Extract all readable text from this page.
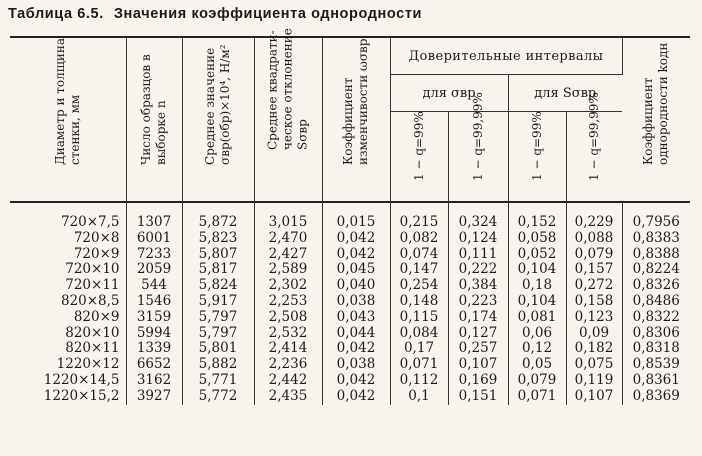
Таблица 6.5. Значения коэффициента однородности
Диаметр и толщина стенки, мм	Число образцов в выборке n	Среднее значение σвр(обр)×10⁴, Н/м²	Среднее квадрати-ческое отклонение Sσвр	Коэффициент изменчивости ωσвр	Доверительные интервалы				Коэффициент однородности kодн

					для σвр		для Sσвр		

					1 − q=99%	1 − q=99,99%	1 − q=99%	1 − q=99,99%	

720×7,5	1307	5,872	3,015	0,015	0,215	0,324	0,152	0,229	0,7956
720×8	6001	5,823	2,470	0,042	0,082	0,124	0,058	0,088	0,8383
720×9	7233	5,807	2,427	0,042	0,074	0,111	0,052	0,079	0,8388
720×10	2059	5,817	2,589	0,045	0,147	0,222	0,104	0,157	0,8224
720×11	544	5,824	2,302	0,040	0,254	0,384	0,18	0,272	0,8326
820×8,5	1546	5,917	2,253	0,038	0,148	0,223	0,104	0,158	0,8486
820×9	3159	5,797	2,508	0,043	0,115	0,174	0,081	0,123	0,8322
820×10	5994	5,797	2,532	0,044	0,084	0,127	0,06	0,09	0,8306
820×11	1339	5,801	2,414	0,042	0,17	0,257	0,12	0,182	0,8318
1220×12	6652	5,882	2,236	0,038	0,071	0,107	0,05	0,075	0,8539
1220×14,5	3162	5,771	2,442	0,042	0,112	0,169	0,079	0,119	0,8361
1220×15,2	3927	5,772	2,435	0,042	0,1	0,151	0,071	0,107	0,8369
